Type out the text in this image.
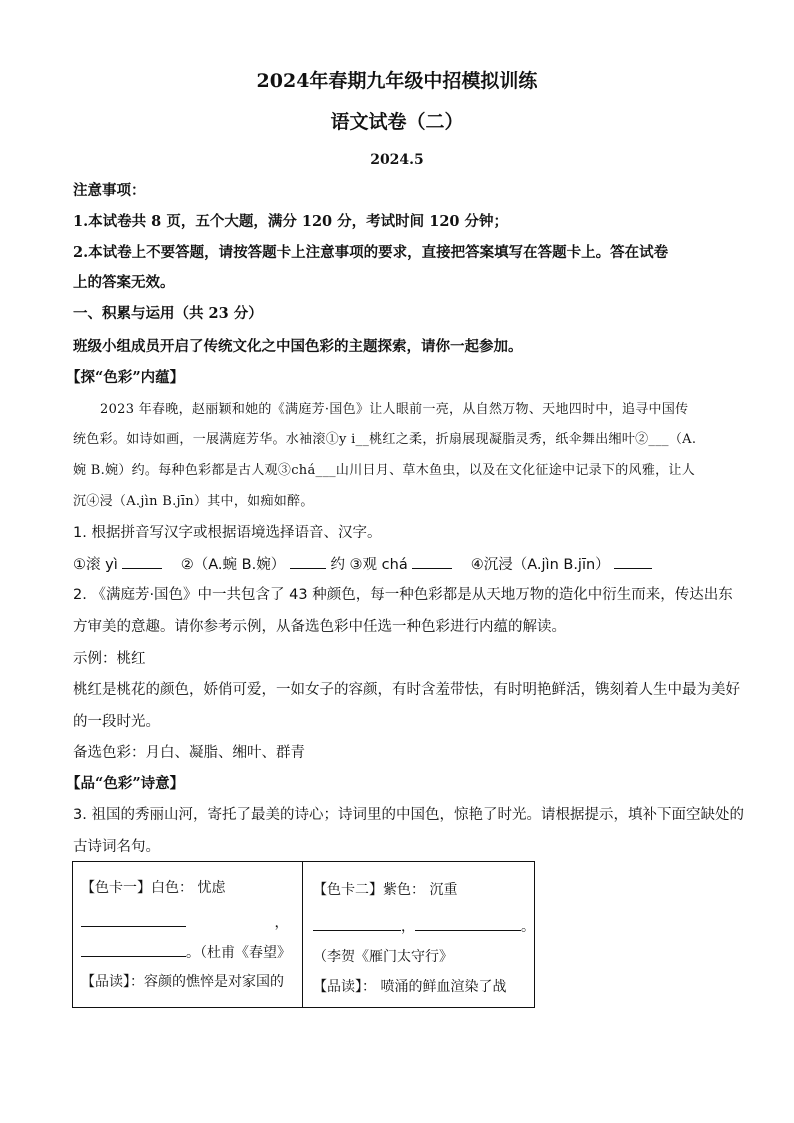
2024年春期九年级中招模拟训练
语文试卷（二）
2024.5
注意事项：
1.本试卷共 8 页，五个大题，满分 120 分，考试时间 120 分钟；
2.本试卷上不要答题，请按答题卡上注意事项的要求，直接把答案填写在答题卡上。答在试卷
上的答案无效。
一、积累与运用（共 23 分）
班级小组成员开启了传统文化之中国色彩的主题探索，请你一起参加。
【探“色彩”内蕴】
2023 年春晚，赵丽颖和她的《满庭芳·国色》让人眼前一亮，从自然万物、天地四时中，追寻中国传
统色彩。如诗如画，一展满庭芳华。水袖滚①y i__桃红之柔，折扇展现凝脂灵秀，纸伞舞出缃叶②___（A.
婉 B.婉）约。每种色彩都是古人观③chá___山川日月、草木鱼虫，以及在文化征途中记录下的风雅，让人
沉④浸（A.jìn B.jīn）其中，如痴如醉。
1. 根据拼音写汉字或根据语境选择语音、汉字。
①滚 yì	②（A.蜿 B.婉）	约 ③观 chá	④沉浸（A.jìn B.jīn）
2. 《满庭芳·国色》中一共包含了 43 种颜色，每一种色彩都是从天地万物的造化中衍生而来，传达出东
方审美的意趣。请你参考示例，从备选色彩中任选一种色彩进行内蕴的解读。
示例：桃红
桃红是桃花的颜色，娇俏可爱，一如女子的容颜，有时含羞带怯，有时明艳鲜活，镌刻着人生中最为美好
的一段时光。
备选色彩：月白、凝脂、缃叶、群青
【品“色彩”诗意】
3. 祖国的秀丽山河，寄托了最美的诗心；诗词里的中国色，惊艳了时光。请根据提示，填补下面空缺处的
古诗词名句。
【色卡一】白色： 忧虑
，
。（杜甫《春望》
【品读】：容颜的憔悴是对家国的
【色卡二】紫色： 沉重
，	。
（李贺《雁门太守行》
【品读】： 喷涌的鲜血渲染了战
